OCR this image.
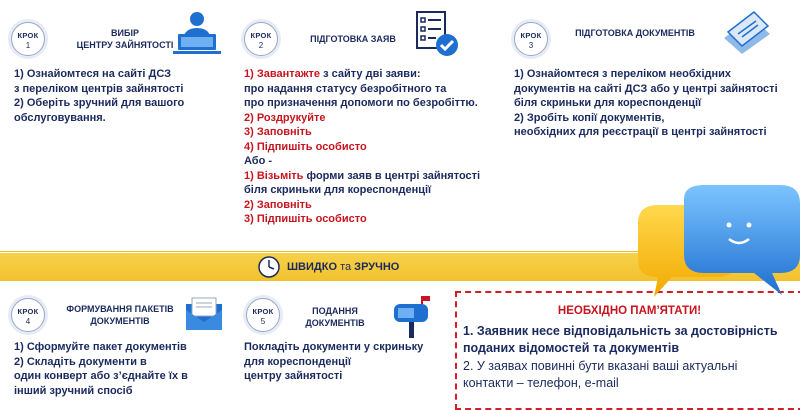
КРОК
1
ВИБІР
ЦЕНТРУ ЗАЙНЯТОСТІ
1) Ознайомтеся на сайті ДСЗ
з переліком центрів зайнятості
2) Оберіть зручний для вашого
обслуговування.
КРОК
2
ПІДГОТОВКА ЗАЯВ
1) Завантажте з сайту дві заяви:
про надання статусу безробітного та
про призначення допомоги по безробіттю.
2) Роздрукуйте
3) Заповніть
4) Підпишіть особисто
Або -
1) Візьміть форми заяв в центрі зайнятості
біля скриньки для кореспонденції
2) Заповніть
3) Підпишіть особисто
КРОК
3
ПІДГОТОВКА ДОКУМЕНТІВ
1) Ознайомтеся з переліком необхідних
документів на сайті ДСЗ або у центрі зайнятості
біля скриньки для кореспонденції
2) Зробіть копії документів,
необхідних для реєстрації в центрі зайнятості
ШВИДКО та ЗРУЧНО
КРОК
4
ФОРМУВАННЯ ПАКЕТІВ
ДОКУМЕНТІВ
1) Сформуйте пакет документів
2) Складіть документи в
один конверт або з’єднайте їх в
інший зручний спосіб
КРОК
5
ПОДАННЯ
ДОКУМЕНТІВ
Покладіть документи у скриньку
для кореспонденції
центру зайнятості
НЕОБХІДНО ПАМ’ЯТАТИ!
1. Заявник несе відповідальність за достовірність
поданих відомостей та документів
2. У заявах повинні бути вказані ваші актуальні
контакти – телефон, e-mail
